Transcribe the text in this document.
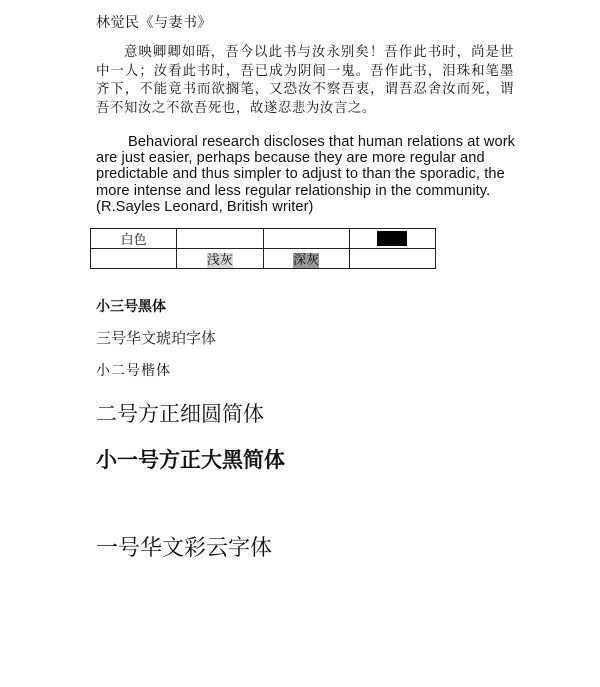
林觉民《与妻书》
意映卿卿如晤，吾今以此书与汝永别矣！吾作此书时，尚是世中一人；汝看此书时，吾已成为阴间一鬼。吾作此书，泪珠和笔墨齐下，不能竟书而欲搁笔，又恐汝不察吾衷，谓吾忍舍汝而死，谓吾不知汝之不欲吾死也，故遂忍悲为汝言之。
Behavioral research discloses that human relations at work are just easier, perhaps because they are more regular and predictable and thus simpler to adjust to than the sporadic, the more intense and less regular relationship in the community. (R.Sayles Leonard, British writer)
白色			
	浅灰	深灰	
小三号黑体
三号华文琥珀字体
小二号楷体
二号方正细圆简体
小一号方正大黑简体
一号华文彩云字体
